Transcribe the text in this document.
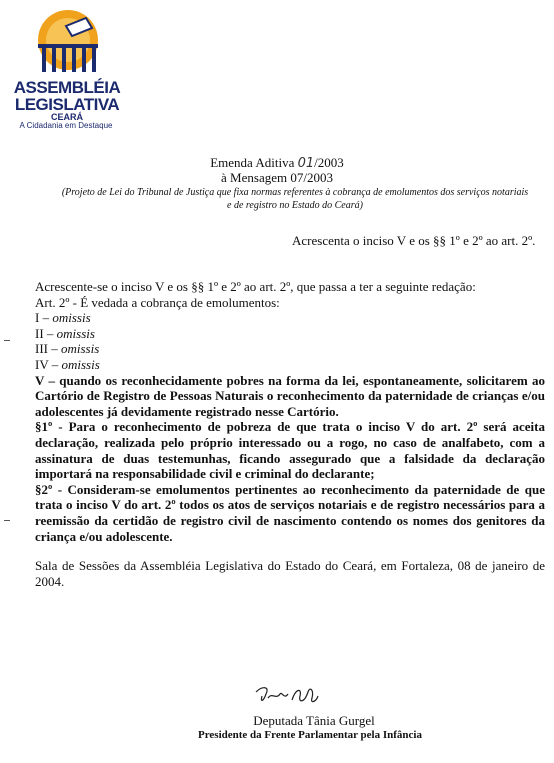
ASSEMBLÉIA
LEGISLATIVA
CEARÁ
A Cidadania em Destaque
Emenda Aditiva 01/2003
à Mensagem 07/2003
(Projeto de Lei do Tribunal de Justiça que fixa normas referentes à cobrança de emolumentos dos serviços notariais e de registro no Estado do Ceará)
Acrescenta o inciso V e os §§ 1º e 2º ao art. 2º.

Acrescente-se o inciso V e os §§ 1º e 2º ao art. 2º, que passa a ter a seguinte redação:

Art. 2º - É vedada a cobrança de emolumentos:

I – omissis

II – omissis

III – omissis

IV – omissis

V – quando os reconhecidamente pobres na forma da lei, espontaneamente, solicitarem ao Cartório de Registro de Pessoas Naturais o reconhecimento da paternidade de crianças e/ou adolescentes já devidamente registrado nesse Cartório.

§1º - Para o reconhecimento de pobreza de que trata o inciso V do art. 2º será aceita declaração, realizada pelo próprio interessado ou a rogo, no caso de analfabeto, com a assinatura de duas testemunhas, ficando assegurado que a falsidade da declaração importará na responsabilidade civil e criminal do declarante;

§2º - Consideram-se emolumentos pertinentes ao reconhecimento da paternidade de que trata o inciso V do art. 2º todos os atos de serviços notariais e de registro necessários para a reemissão da certidão de registro civil de nascimento contendo os nomes dos genitores da criança e/ou adolescente.

Sala de Sessões da Assembléia Legislativa do Estado do Ceará, em Fortaleza, 08 de janeiro de 2004.

Deputada Tânia Gurgel
Presidente da Frente Parlamentar pela Infância
